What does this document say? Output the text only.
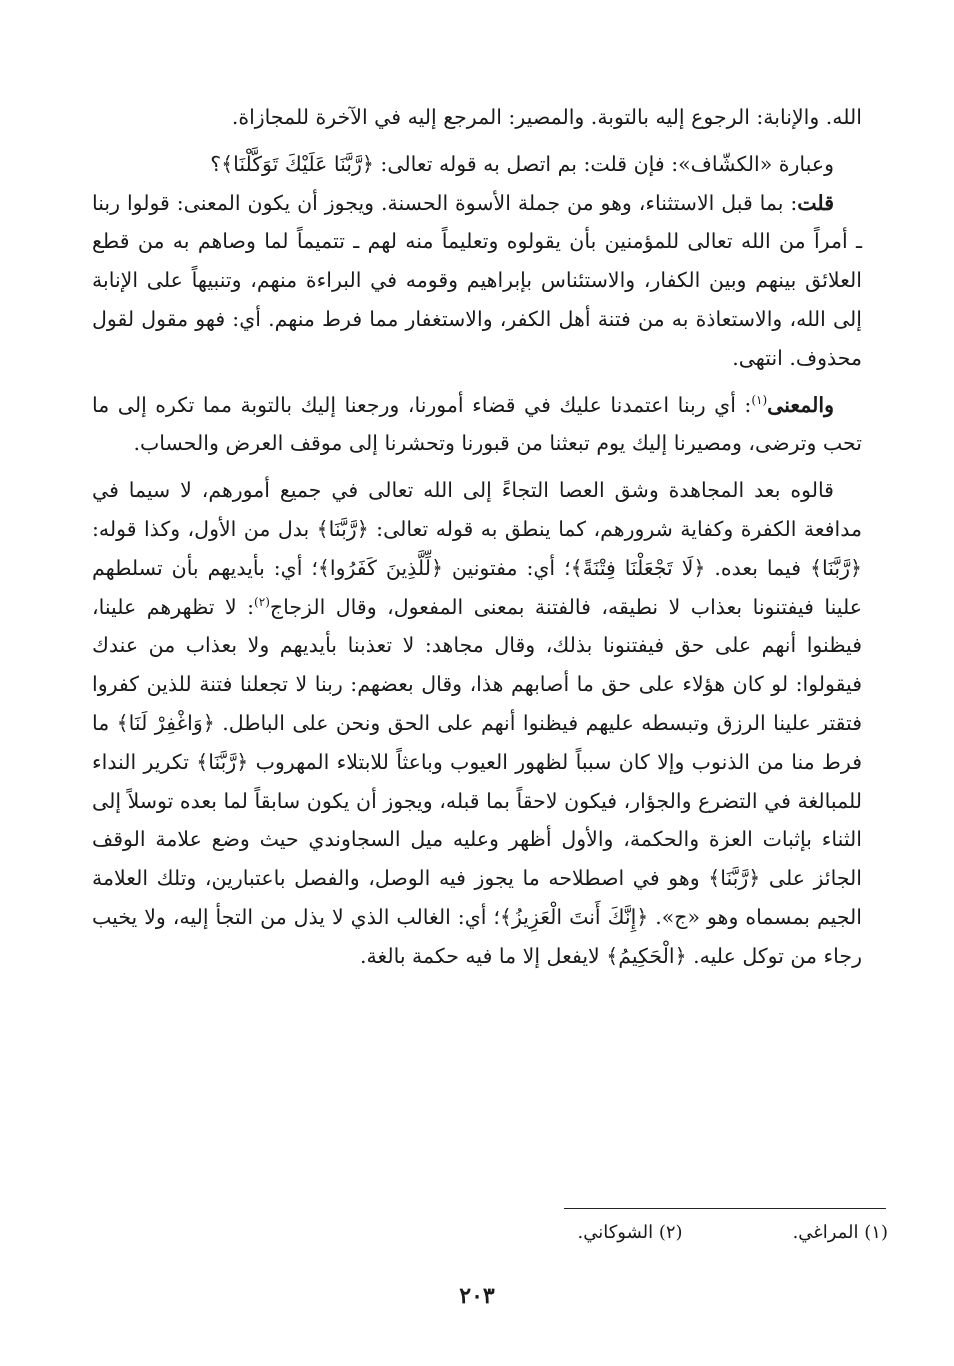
الله. والإنابة: الرجوع إليه بالتوبة. والمصير: المرجع إليه في الآخرة للمجازاة.

وعبارة «الكشّاف»: فإن قلت: بم اتصل به قوله تعالى: ﴿رَّبَّنَا عَلَيْكَ تَوَكَّلْنَا﴾؟

قلت: بما قبل الاستثناء، وهو من جملة الأسوة الحسنة. ويجوز أن يكون المعنى: قولوا ربنا ـ أمراً من الله تعالى للمؤمنين بأن يقولوه وتعليماً منه لهم ـ تتميماً لما وصاهم به من قطع العلائق بينهم وبين الكفار، والاستئناس بإبراهيم وقومه في البراءة منهم، وتنبيهاً على الإنابة إلى الله، والاستعاذة به من فتنة أهل الكفر، والاستغفار مما فرط منهم. أي: فهو مقول لقول محذوف. انتهى.

والمعنى$^{(١)}$: أي ربنا اعتمدنا عليك في قضاء أمورنا، ورجعنا إليك بالتوبة مما تكره إلى ما تحب وترضى، ومصيرنا إليك يوم تبعثنا من قبورنا وتحشرنا إلى موقف العرض والحساب.

قالوه بعد المجاهدة وشق العصا التجاءً إلى الله تعالى في جميع أمورهم، لا سيما في مدافعة الكفرة وكفاية شرورهم، كما ينطق به قوله تعالى: ﴿رَّبَّنَا﴾ بدل من الأول، وكذا قوله: ﴿رَّبَّنَا﴾ فيما بعده. ﴿لَا تَجْعَلْنَا فِتْنَةً﴾؛ أي: مفتونين ﴿لِّلَّذِينَ كَفَرُوا﴾؛ أي: بأيديهم بأن تسلطهم علينا فيفتنونا بعذاب لا نطيقه، فالفتنة بمعنى المفعول، وقال الزجاج$^{(٢)}$: لا تظهرهم علينا، فيظنوا أنهم على حق فيفتنونا بذلك، وقال مجاهد: لا تعذبنا بأيديهم ولا بعذاب من عندك فيقولوا: لو كان هؤلاء على حق ما أصابهم هذا، وقال بعضهم: ربنا لا تجعلنا فتنة للذين كفروا فتقتر علينا الرزق وتبسطه عليهم فيظنوا أنهم على الحق ونحن على الباطل. ﴿وَاغْفِرْ لَنَا﴾ ما فرط منا من الذنوب وإلا كان سبباً لظهور العيوب وباعثاً للابتلاء المهروب ﴿رَّبَّنَا﴾ تكرير النداء للمبالغة في التضرع والجؤار، فيكون لاحقاً بما قبله، ويجوز أن يكون سابقاً لما بعده توسلاً إلى الثناء بإثبات العزة والحكمة، والأول أظهر وعليه ميل السجاوندي حيث وضع علامة الوقف الجائز على ﴿رَّبَّنَا﴾ وهو في اصطلاحه ما يجوز فيه الوصل، والفصل باعتبارين، وتلك العلامة الجيم بمسماه وهو «ج». ﴿إِنَّكَ أَنتَ الْعَزِيزُ﴾؛ أي: الغالب الذي لا يذل من التجأ إليه، ولا يخيب رجاء من توكل عليه. ﴿الْحَكِيمُ﴾ لايفعل إلا ما فيه حكمة بالغة.

(١) المراغي.
(٢) الشوكاني.
٢٠٣
